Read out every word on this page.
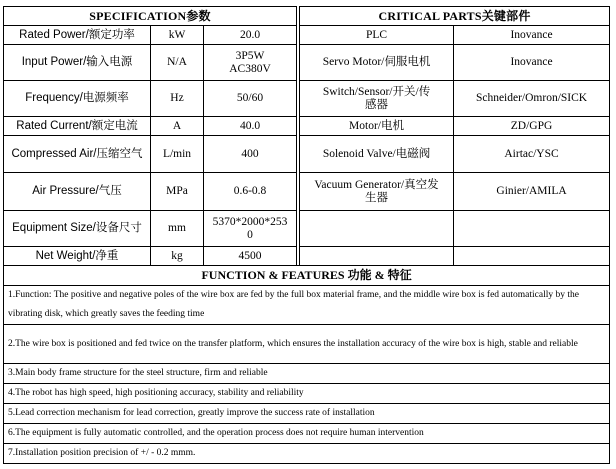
SPECIFICATION参数				CRITICAL PARTS关键部件	
Rated Power/额定功率	kW	20.0		PLC	Inovance
Input Power/输入电源	N/A	3P5W AC380V		Servo Motor/伺服电机	Inovance
Frequency/电源频率	Hz	50/60		Switch/Sensor/开关/传感器	Schneider/Omron/SICK
Rated Current/额定电流	A	40.0		Motor/电机	ZD/GPG
Compressed Air/压缩空气	L/min	400		Solenoid Valve/电磁阀	Airtac/YSC
Air Pressure/气压	MPa	0.6-0.8		Vacuum Generator/真空发生器	Ginier/AMILA
Equipment Size/设备尺寸	mm	5370*2000*2530			
Net Weight/净重	kg	4500			
FUNCTION & FEATURES 功能 & 特征					
1.Function: The positive and negative poles of the wire box are fed by the full box material frame, and the middle wire box is fed automatically by the vibrating disk, which greatly saves the feeding time					
2.The wire box is positioned and fed twice on the transfer platform, which ensures the installation accuracy of the wire box is high, stable and reliable					
3.Main body frame structure for the steel structure, firm and reliable					
4.The robot has high speed, high positioning accuracy, stability and reliability					
5.Lead correction mechanism for lead correction, greatly improve the success rate of installation					
6.The equipment is fully automatic controlled, and the operation process does not require human intervention					
7.Installation position precision of +/ - 0.2 mmm.					
